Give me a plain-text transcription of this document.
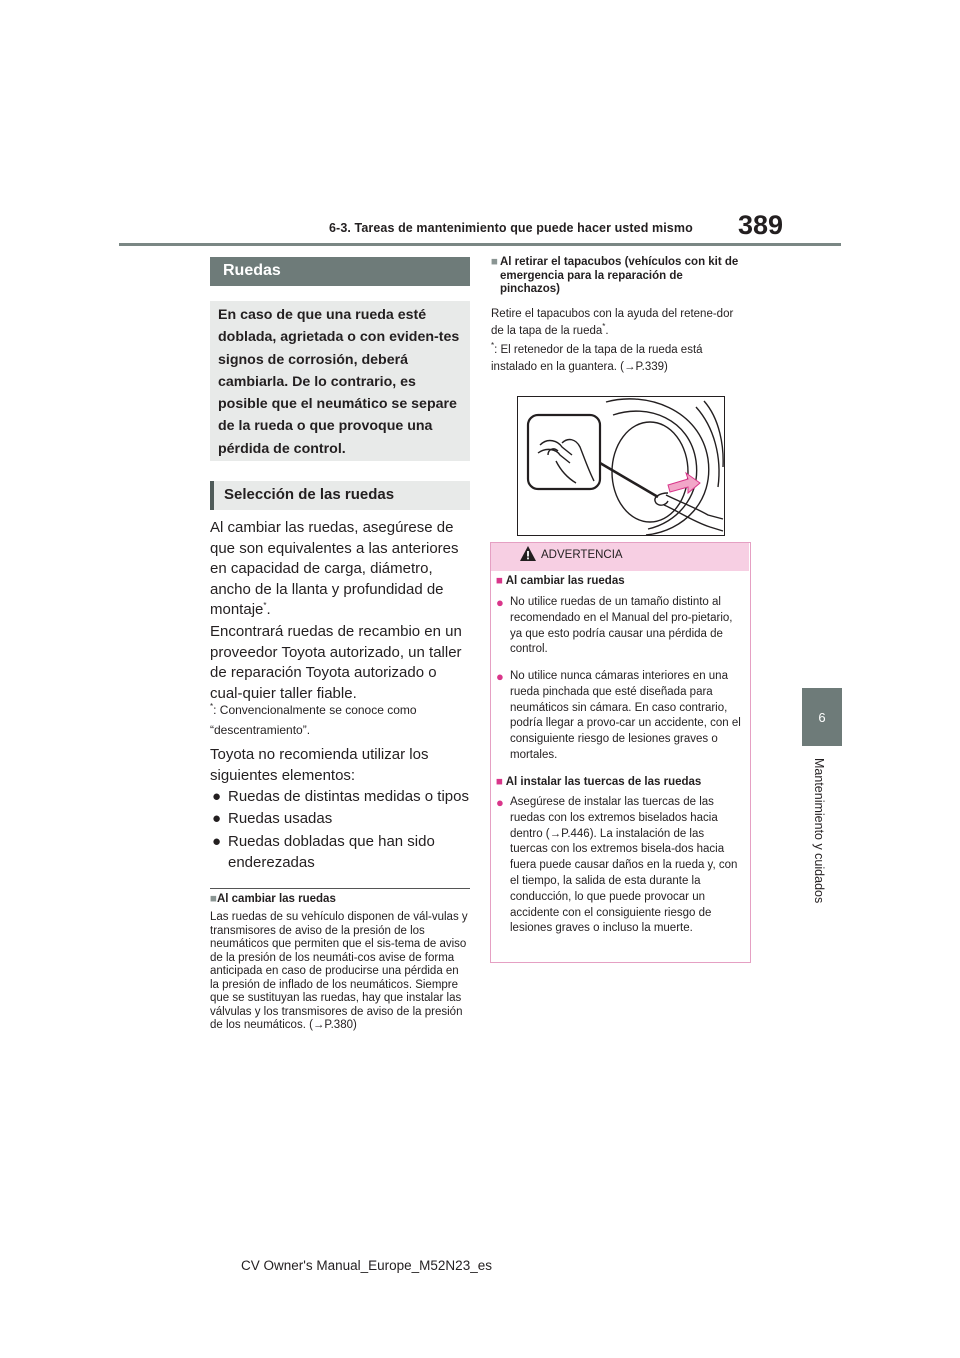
6-3. Tareas de mantenimiento que puede hacer usted mismo 389
6
Mantenimiento y cuidados
Ruedas
En caso de que una rueda esté doblada, agrietada o con eviden-tes signos de corrosión, deberá cambiarla. De lo contrario, es posible que el neumático se separe de la rueda o que provoque una pérdida de control.
Selección de las ruedas
Al cambiar las ruedas, asegúrese de que son equivalentes a las anteriores en capacidad de carga, diámetro, ancho de la llanta y profundidad de montaje*.
Encontrará ruedas de recambio en un proveedor Toyota autorizado, un taller de reparación Toyota autorizado o cual-quier taller fiable.
*: Convencionalmente se conoce como “descentramiento”.
Toyota no recomienda utilizar los siguientes elementos:
● Ruedas de distintas medidas o tipos
● Ruedas usadas
● Ruedas dobladas que han sido enderezadas
■Al cambiar las ruedas
Las ruedas de su vehículo disponen de vál-vulas y transmisores de aviso de la presión de los neumáticos que permiten que el sis-tema de aviso de la presión de los neumáti-cos avise de forma anticipada en caso de producirse una pérdida en la presión de inflado de los neumáticos. Siempre que se sustituyan las ruedas, hay que instalar las válvulas y los transmisores de aviso de la presión de los neumáticos. (→P.380)
■ Al retirar el tapacubos (vehículos con kit de emergencia para la reparación de pinchazos)
Retire el tapacubos con la ayuda del retene-dor de la tapa de la rueda*.
*: El retenedor de la tapa de la rueda está instalado en la guantera. (→P.339)
ADVERTENCIA
■ Al cambiar las ruedas
● No utilice ruedas de un tamaño distinto al recomendado en el Manual del pro-pietario, ya que esto podría causar una pérdida de control.
● No utilice nunca cámaras interiores en una rueda pinchada que esté diseñada para neumáticos sin cámara. En caso contrario, podría llegar a provo-car un accidente, con el consiguiente riesgo de lesiones graves o mortales.
■ Al instalar las tuercas de las ruedas
● Asegúrese de instalar las tuercas de las ruedas con los extremos biselados hacia dentro (→P.446). La instalación de las tuercas con los extremos bisela-dos hacia fuera puede causar daños en la rueda y, con el tiempo, la salida de esta durante la conducción, lo que puede provocar un accidente con el consiguiente riesgo de lesiones graves o incluso la muerte.
CV Owner's Manual_Europe_M52N23_es
